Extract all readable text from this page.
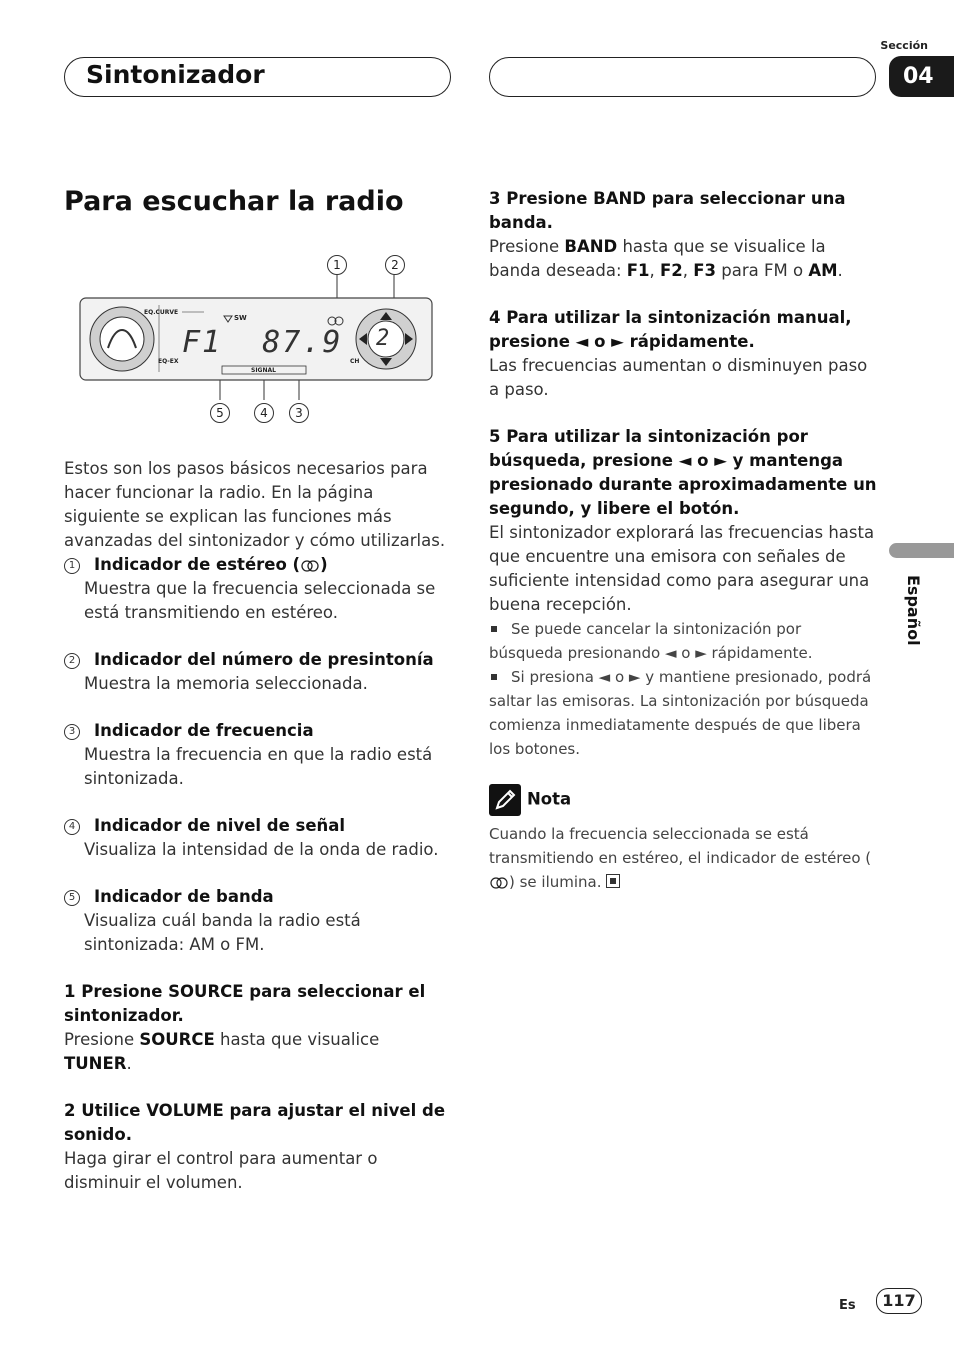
Sintonizador
Sección
04
Para escuchar la radio
EQ.CURVE
EQ-EX
SW
CH
SIGNAL
F1  87.9 2
1	2
5	4	3

Estos son los pasos básicos necesarios para hacer funcionar la radio. En la página siguiente se explican las funciones más avanzadas del sintonizador y cómo utilizarlas.

1 Indicador de estéreo ( )
Muestra que la frecuencia seleccionada se está transmitiendo en estéreo.
2 Indicador del número de presintonía
Muestra la memoria seleccionada.
3 Indicador de frecuencia
Muestra la frecuencia en que la radio está sintonizada.
4 Indicador de nivel de señal
Visualiza la intensidad de la onda de radio.
5 Indicador de banda
Visualiza cuál banda la radio está sintonizada: AM o FM.
1 Presione SOURCE para seleccionar el sintonizador.
Presione SOURCE hasta que visualice TUNER.
2 Utilice VOLUME para ajustar el nivel de sonido.
Haga girar el control para aumentar o disminuir el volumen.
3 Presione BAND para seleccionar una banda.
Presione BAND hasta que se visualice la banda deseada: F1, F2, F3 para FM o AM.
4 Para utilizar la sintonización manual, presione ◄ o ► rápidamente.
Las frecuencias aumentan o disminuyen paso a paso.
5 Para utilizar la sintonización por búsqueda, presione ◄ o ► y mantenga presionado durante aproximadamente un segundo, y libere el botón.
El sintonizador explorará las frecuencias hasta que encuentre una emisora con señales de suficiente intensidad como para asegurar una buena recepción.
Se puede cancelar la sintonización por búsqueda presionando ◄ o ► rápidamente.
Si presiona ◄ o ► y mantiene presionado, podrá saltar las emisoras. La sintonización por búsqueda comienza inmediatamente después de que libera los botones.
Nota
Cuando la frecuencia seleccionada se está transmitiendo en estéreo, el indicador de estéreo () se ilumina.
Español
Es	117
